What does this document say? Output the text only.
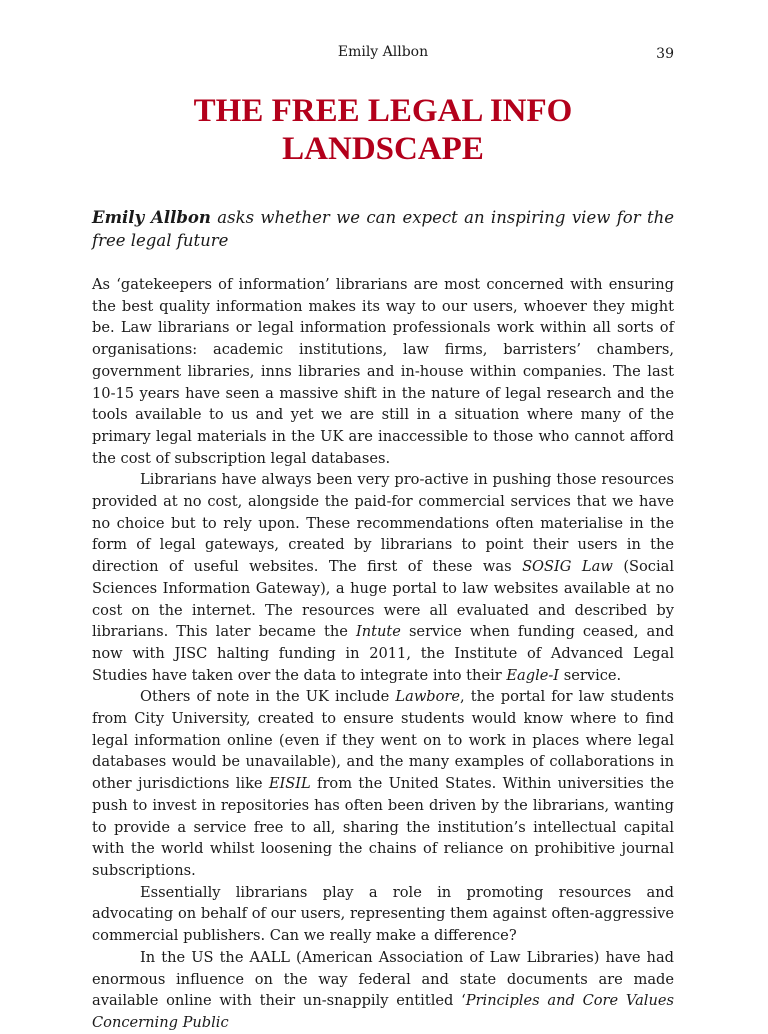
Emily Allbon	39
THE FREE LEGAL INFO
LANDSCAPE

Emily Allbon asks whether we can expect an inspiring view for the free legal future

As ‘gatekeepers of information’ librarians are most concerned with ensuring the best quality information makes its way to our users, whoever they might be. Law librarians or legal information professionals work within all sorts of organisations: academic institutions, law firms, barristers’ chambers, government libraries, inns libraries and in-house within companies. The last 10-15 years have seen a massive shift in the nature of legal research and the tools available to us and yet we are still in a situation where many of the primary legal materials in the UK are inaccessible to those who cannot afford the cost of subscription legal databases.

Librarians have always been very pro-active in pushing those resources provided at no cost, alongside the paid-for commercial services that we have no choice but to rely upon. These recommendations often materialise in the form of legal gateways, created by librarians to point their users in the direction of useful websites. The first of these was SOSIG Law (Social Sciences Information Gateway), a huge portal to law websites available at no cost on the internet. The resources were all evaluated and described by librarians. This later became the Intute service when funding ceased, and now with JISC halting funding in 2011, the Institute of Advanced Legal Studies have taken over the data to integrate into their Eagle-I service.

Others of note in the UK include Lawbore, the portal for law students from City University, created to ensure students would know where to find legal information online (even if they went on to work in places where legal databases would be unavailable), and the many examples of collaborations in other jurisdictions like EISIL from the United States. Within universities the push to invest in repositories has often been driven by the librarians, wanting to provide a service free to all, sharing the institution’s intellectual capital with the world whilst loosening the chains of reliance on prohibitive journal subscriptions.

Essentially librarians play a role in promoting resources and advocating on behalf of our users, representing them against often-aggressive commercial publishers. Can we really make a difference?

In the US the AALL (American Association of Law Libraries) have had enormous influence on the way federal and state documents are made available online with their un-snappily entitled ‘Principles and Core Values Concerning Public
